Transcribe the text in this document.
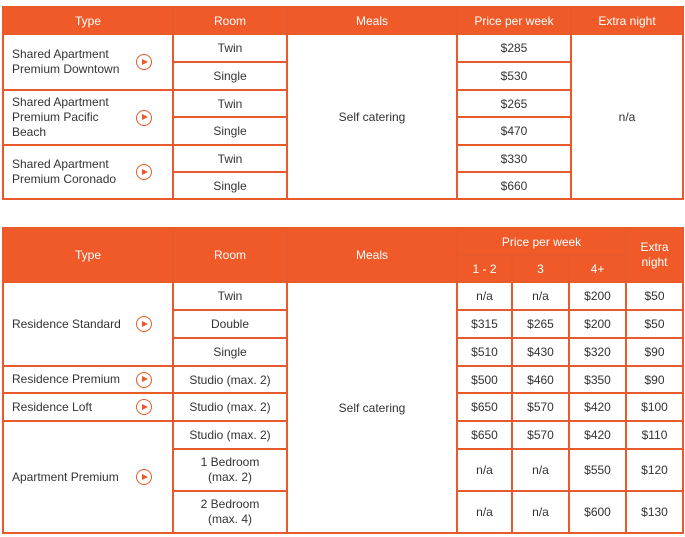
Type	Room	Meals	Price per week	Extra night

Shared Apartment Premium Downtown	Twin	Self catering	$285	n/a
	Single		$530	

Shared Apartment Premium Pacific Beach	Twin		$265	
	Single		$470	

Shared Apartment Premium Coronado	Twin		$330	
	Single		$660	
Type	Room	Meals	Price per week			Extra night
			1 - 2	3	4+	

Residence Standard	Twin	Self catering	n/a	n/a	$200	$50
	Double		$315	$265	$200	$50
	Single		$510	$430	$320	$90

Residence Premium	Studio (max. 2)		$500	$460	$350	$90

Residence Loft	Studio (max. 2)		$650	$570	$420	$100

Apartment Premium	Studio (max. 2)		$650	$570	$420	$110
	1 Bedroom (max. 2)		n/a	n/a	$550	$120
	2 Bedroom (max. 4)		n/a	n/a	$600	$130
